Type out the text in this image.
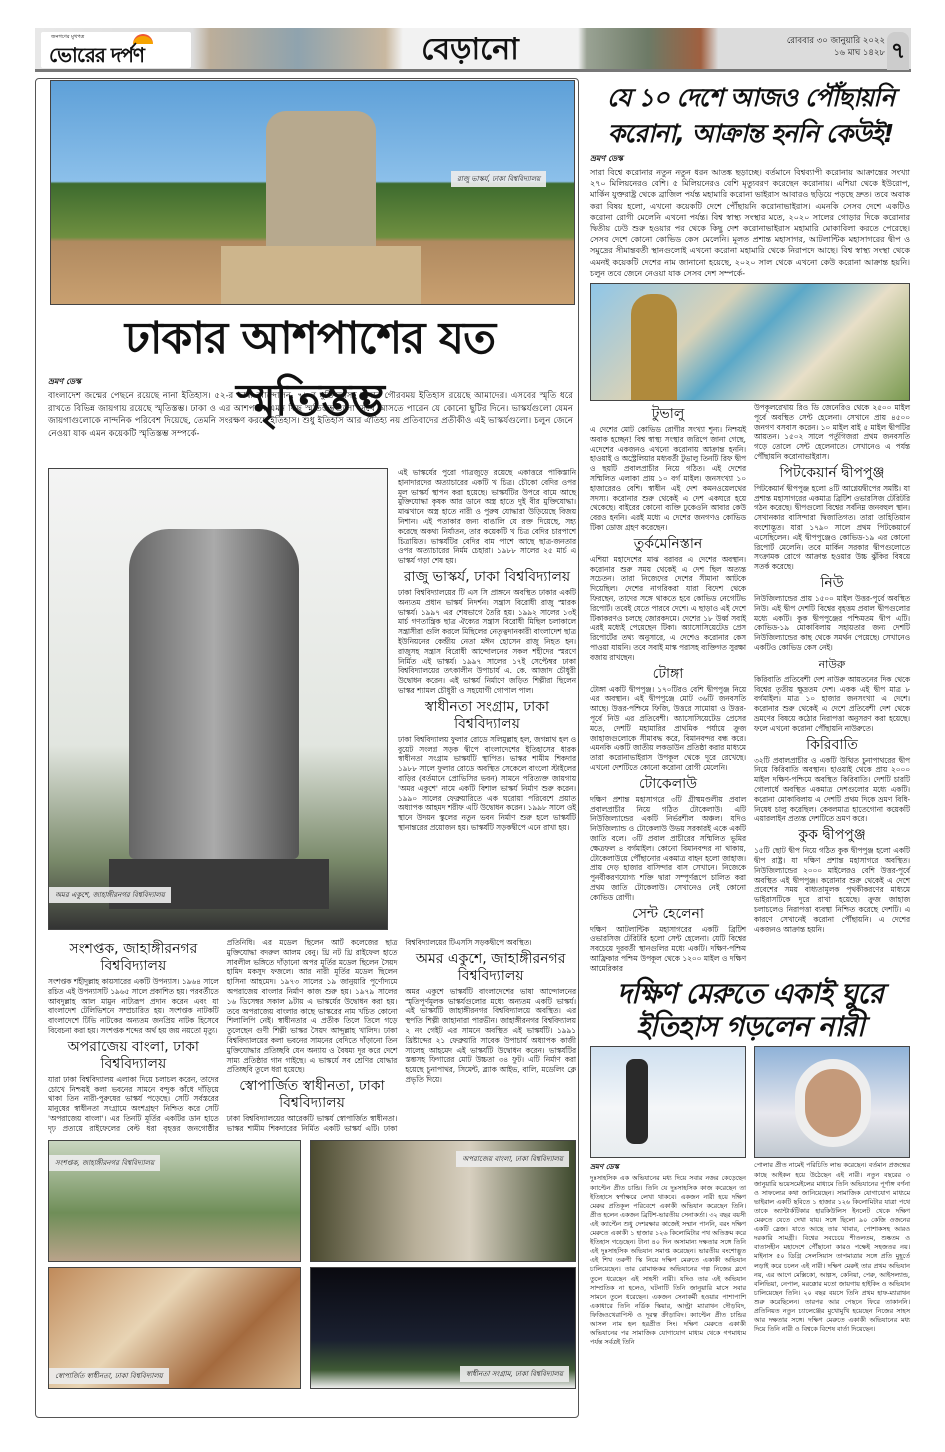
জনগণের মুখপত্র
ভোরের দর্পণ	বেড়ানো	রোববার ৩০ জানুয়ারি ২০২২
১৬ মাঘ ১৪২৮ ৭
রাজু ভাস্কর্য, ঢাকা বিশ্ববিদ্যালয়
ঢাকার আশপাশের যত স্মৃতিস্তম্ভ
ভ্রমণ ডেস্ক
বাংলাদেশ জন্মের পেছনে রয়েছে নানা ইতিহাস। ৫২-র ভাষা আন্দোলন, ৭১-র মুক্তিযুদ্ধসহ নানান গৌরবময় ইতিহাস রয়েছে আমাদের। এসবের স্মৃতি ধরে রাখতে বিভিন্ন জায়গায় রয়েছে স্মৃতিস্তম্ভ। ঢাকা ও এর আশপাশে এমন কিছু স্মৃতিস্তম্ভগুলো দেখে আসতে পারেন যে কোনো ছুটির দিনে। ভাস্কর্যগুলো যেমন জায়গাগুলোকে নান্দনিক পরিবেশ দিয়েছে, তেমনি সংরক্ষণ করছে ইতিহাস। শুধু ইতিহাস আর ঐতিহ্য নয় প্রতিবাদের প্রতীকীও এই ভাস্কর্যগুলো। চলুন জেনে নেওয়া যাক এমন কয়েকটি স্মৃতিস্তম্ভ সম্পর্কে-
অমর একুশে, জাহাঙ্গীরনগর বিশ্ববিদ্যালয়
এই ভাস্কর্যের পুরো গাত্রজুড়ে রয়েছে একাত্তরে পাকিস্তানি হানাদারদের অত্যাচারের একটি খ চিত্র। চৌকো বেদির ওপর মূল ভাস্কর্য স্থাপন করা হয়েছে। ভাস্কর্যটির উপরে বামে আছে মুক্তিযোদ্ধা কৃষক আর ডানে অস্ত্র হাতে দুই বীর মুক্তিযোদ্ধা। মাঝখানে অস্ত্র হাতে নারী ও পুরুষ যোদ্ধারা উড়িয়েছে বিজয় নিশান। এই পতাকার জন্য বাঙালি যে রক্ত দিয়েছে, সহ্য করেছে অকথ্য নির্যাতন, তার কয়েকটি খ চিত্র বেদির চারপাশে চিত্রায়িত। ভাস্কর্যটির বেদির বাম পাশে আছে ছাত্র-জনতার ওপর অত্যাচারের নির্মম চেহারা। ১৯৮৮ সালের ২৫ মার্চ এ ভাস্কর্য গড়া শেষ হয়।
রাজু ভাস্কর্য, ঢাকা বিশ্ববিদ্যালয়
ঢাকা বিশ্ববিদ্যালয়ের টি এস সি প্রাঙ্গনে অবস্থিত ঢাকার একটি অন্যতম প্রধান ভাস্কর্য নিদর্শন। সন্ত্রাস বিরোধী রাজু স্মারক ভাস্কর্য। ১৯৯৭ এর শেষভাগে তৈরি হয়। ১৯৯২ সালের ১৩ই মার্চ গণতান্ত্রিক ছাত্র ঐক্যের সন্ত্রাস বিরোধী মিছিল চলাকালে সন্ত্রাসীরা গুলি করলে মিছিলের নেতৃত্বদানকারী বাংলাদেশ ছাত্র ইউনিয়নের কেন্দ্রীয় নেতা মঈন হোসেন রাজু নিহত হন। রাজুসহ সন্ত্রাস বিরোধী আন্দোলনের সকল শহীদের স্মরণে নির্মিত এই ভাস্কর্য। ১৯৯৭ সালের ১৭ই সেপ্টেম্বর ঢাকা বিশ্ববিদ্যালয়ের তৎকালীন উপাচার্য এ. কে. আজাদ চৌধুরী উদ্বোধন করেন। এই ভাস্কর্য নির্মাণে জড়িত শিল্পীরা ছিলেন ভাস্কর শ্যামল চৌধুরী ও সহযোগী গোপাল পাল।
স্বাধীনতা সংগ্রাম, ঢাকা বিশ্ববিদ্যালয়
ঢাকা বিশ্ববিদ্যালয় ফুলার রোডে সলিমুল্লাহ হল, জগন্নাথ হল ও বুয়েট সংলগ্ন সড়ক দ্বীপে বাংলাদেশের ইতিহাসের ধারক স্বাধীনতা সংগ্রাম ভাস্কর্যটি স্থাপিত। ভাস্কর শামীম শিকদার ১৯৮৮ সালে ফুলার রোডে অবস্থিত সেকেলে বাংলো স্টাইলের বাড়ির (বর্তমানে প্রোভিসির ভবন) সামনে পরিত্যক্ত জায়গায় 'অমর একুশে' নামে একটি বিশাল ভাস্কর্য নির্মাণ শুরু করেন। ১৯৯০ সালের ফেব্রুয়ারিতে এক ঘরোয়া পরিবেশে প্রয়াত অধ্যাপক আহমদ শরীফ এটি উদ্বোধন করেন। ১৯৯৮ সালে ওই স্থানে উদয়ন স্কুলের নতুন ভবন নির্মাণ শুরু হলে ভাস্কর্যটি স্থানান্তরের প্রয়োজন হয়। ভাস্কর্যটি সড়কদ্বীপে এনে রাখা হয়।
সংশপ্তক, জাহাঙ্গীরনগর বিশ্ববিদ্যালয়
সংশপ্তক শহীদুল্লাহ কায়সারের একটি উপন্যাস। ১৯৬৪ সালে রচিত এই উপন্যাসটি ১৯৬৫ সালে প্রকাশিত হয়। পরবর্তীতে আবদুল্লাহ আল মামুন নাট্যরূপ প্রদান করেন এবং যা বাংলাদেশ টেলিভিশনে সম্প্রচারিত হয়। সংশপ্তক নাটকটি বাংলাদেশে টিভি নাটকের অন্যতম জনপ্রিয় নাটক হিসেবে বিবেচনা করা হয়। সংশপ্তক শব্দের অর্থ হয় জয় নয়তো মৃত্যু।
অপরাজেয় বাংলা, ঢাকা বিশ্ববিদ্যালয়
যারা ঢাকা বিশ্ববিদ্যালয় এলাকা দিয়ে চলাচল করেন, তাদের চোখে নিশ্চয়ই কলা ভবনের সামনে বন্দুক কাঁধে দাঁড়িয়ে থাকা তিন নারী-পুরুষের ভাস্কর্য পড়েছে। সেটি সর্বস্তরের মানুষের স্বাধীনতা সংগ্রামে অংশগ্রহণ নিশ্চিত করে সেটি 'অপরাজেয় বাংলা'। এর তিনটি মূর্তির একটির ডান হাতে দৃঢ় প্রত্যয়ে রাইফেলের বেল্ট ধরা বৃহত্তর জনগোষ্ঠীর প্রতিনিধি। এর মডেল ছিলেন আর্ট কলেজের ছাত্র মুক্তিযোদ্ধা বদরুল আলম বেনু। থ্রি নট থ্রি রাইফেল হাতে সাবলীল ভঙ্গিতে দাঁড়ানো অপর মূর্তির মডেল ছিলেন সৈয়দ হামিদ মকসুদ ফজলে। আর নারী মূর্তির মডেল ছিলেন হাসিনা আহমেদ। ১৯৭৩ সালের ১৯ জানুয়ারি পূর্ণোদ্যমে অপরাজেয় বাংলার নির্মাণ কাজ শুরু হয়। ১৯৭৯ সালের ১৬ ডিসেম্বর সকাল ৯টায় এ ভাস্কর্যের উদ্বোধন করা হয়। তবে অপরাজেয় বাংলার কাছে ভাস্করের নাম খচিত কোনো শিলালিপি নেই। স্বাধীনতার এ প্রতীক তিলে তিলে গড়ে তুলেছেন গুণী শিল্পী ভাস্কর সৈয়দ আব্দুল্লাহ খালিদ। ঢাকা বিশ্ববিদ্যালয়ের কলা ভবনের সামনের বেদিতে দাঁড়ানো তিন মুক্তিযোদ্ধার প্রতিচ্ছবি যেন অন্যায় ও বৈষম্য দূর করে দেশে সাম্য প্রতিষ্ঠার গান গাইছে। এ ভাস্কর্যে সব শ্রেণির যোদ্ধার প্রতিচ্ছবি তুলে ধরা হয়েছে।
স্বোপার্জিত স্বাধীনতা, ঢাকা বিশ্ববিদ্যালয়
ঢাকা বিশ্ববিদ্যালয়ের আরেকটি ভাস্কর্য স্বোপার্জিত স্বাধীনতা। ভাস্কর শামীম শিকদারের নির্মিত একটি ভাস্কর্য এটি। ঢাকা বিশ্ববিদ্যালয়ের টিএসসি সড়কদ্বীপে অবস্থিত।
অমর একুশে, জাহাঙ্গীরনগর বিশ্ববিদ্যালয়
অমর একুশে ভাস্কর্যটি বাংলাদেশের ভাষা আন্দোলনের স্মৃতিপূর্ণমূলক ভাস্কর্যগুলোর মধ্যে অন্যতম একটি ভাস্কর্য। এই ভাস্কর্যটি জাহাঙ্গীরনগর বিশ্ববিদ্যালয়ে অবস্থিত। এর স্থপতি শিল্পী জাহানারা পারভীন। জাহাঙ্গীরনগর বিশ্ববিদ্যালয় ২ নং গেইট এর সামনে অবস্থিত এই ভাস্কর্যটি। ১৯৯১ খ্রিষ্টাব্দের ২১ ফেব্রুয়ারি সাবেক উপাচার্য অধ্যাপক কাজী সালেহ আহমেদ এই ভাস্কর্যটি উদ্বোধন করেন। ভাস্কর্যটির স্তম্ভসহ ফিগারের মোট উচ্চতা ৩৪ ফুট। এটি নির্মাণ করা হয়েছে চুনাপাথর, সিমেন্ট, ব্ল্যাক আইভ, বালি, মডেলিং ক্লে প্রভৃতি দিয়ে।
সংশপ্তক, জাহাঙ্গীরনগর বিশ্ববিদ্যালয়	অপরাজেয় বাংলা, ঢাকা বিশ্ববিদ্যালয়
স্বোপার্জিত স্বাধীনতা, ঢাকা বিশ্ববিদ্যালয়	স্বাধীনতা সংগ্রাম, ঢাকা বিশ্ববিদ্যালয়
যে ১০ দেশে আজও পৌঁছায়নি
করোনা, আক্রান্ত হননি কেউই!
ভ্রমণ ডেস্ক
সারা বিশ্বে করোনার নতুন নতুন ধরন আতঙ্ক ছড়াচ্ছে। বর্তমানে বিশ্বব্যাপী করোনায় আক্রান্তের সংখ্যা ২৭০ মিলিয়নেরও বেশি। ৫ মিলিয়নেরও বেশি মৃত্যুবরণ করেছেন করোনায়। এশিয়া থেকে ইউরোপ, মার্কিন যুক্তরাষ্ট্র থেকে ব্রাজিল পর্যন্ত মহামারি করোনা ভাইরাস আবারও ছড়িয়ে পড়ছে দ্রুত। তবে অবাক করা বিষয় হলো, এখনো কয়েকটি দেশে পৌঁছায়নি করোনাভাইরাস। এমনকি সেসব দেশে একটিও করোনা রোগী মেলেনি এখনো পর্যন্ত। বিশ্ব স্বাস্থ্য সংস্থার মতে, ২০২০ সালের গোড়ার দিকে করোনার দ্বিতীয় ঢেউ শুরু হওয়ার পর থেকে কিছু দেশ করোনাভাইরাস মহামারি মোকাবিলা করতে পেরেছে। সেসব দেশে কোনো কোভিড কেস মেলেনি। মূলত প্রশান্ত মহাসাগর, আটলান্টিক মহাসাগরের দ্বীপ ও সমুদ্রের সীমান্তবর্তী স্থানগুলোই এখনো করোনা মহামারি থেকে নিরাপদে আছে। বিশ্ব স্বাস্থ্য সংস্থা থেকে এমনই কয়েকটি দেশের নাম জানানো হয়েছে, ২০২০ সাল থেকে এখনো কেউ করোনা আক্রান্ত হয়নি। চলুন তবে জেনে নেওয়া যাক সেসব দেশ সম্পর্কে-
টুভালু
এ দেশের মোট কোভিড রোগীর সংখ্যা শূন্য। নিশ্চয়ই অবাক হচ্ছেন! বিশ্ব স্বাস্থ্য সংস্থার জরিপে জানা গেছে, এদেশের একজনও এখনো করোনায় আক্রান্ত হননি। হাওয়াই ও অস্ট্রেলিয়ার মধ্যবর্তী টুভালু তিনটি রিফ দ্বীপ ও ছয়টি প্রবালপ্রাচীর নিয়ে গঠিত। এই দেশের সম্মিলিত এলাকা প্রায় ১০ বর্গ মাইল। জনসংখ্যা ১০ হাজারেরও বেশি। স্বাধীন এই দেশ কমনওয়েলথের সদস্য। করোনার শুরু থেকেই এ দেশ একঘরে হয়ে থেকেছে। বাইরের কোনো ব্যক্তি ঢুকেওনি আবার কেউ বেরও হননি। এরই মধ্যে এ দেশের জনগণও কোভিড টিকা ডোজ গ্রহণ করেছেন।
তুর্কমেনিস্তান
এশিয়া মহাদেশের মাঝ বরাবর এ দেশের অবস্থান। করোনার শুরু সময় থেকেই এ দেশ ছিল অত্যন্ত সচেতন। তারা নিজেদের দেশের সীমানা আটকে দিয়েছিল। দেশের নাগরিকরা যারা বিদেশ থেকে ফিরছেন, তাদের সঙ্গে থাকতে হবে কোভিড নেগেটিভ রিপোর্ট। তবেই যেতে পারবে দেশে। এ ছাড়াও এই দেশে টিকাকরণও চলছে জোরকদমে। দেশের ১৮ উর্ধ্ব সবাই এরই মধ্যেই পেয়েছেন টিকা। অ্যাসোসিয়েটেড প্রেস রিপোর্টের তথ্য অনুসারে, এ দেশেও করোনার কেস পাওয়া যায়নি। তবে সবাই মাস্ক পরাসহ ব্যক্তিগত সুরক্ষা বজায় রাখছেন।
টোঙ্গা
টোঙ্গা একটি দ্বীপপুঞ্জ। ১৭০টিরও বেশি দ্বীপপুঞ্জ নিয়ে এর অবস্থান। এই দ্বীপপুঞ্জে মোট ৩৬টি জনবসতি আছে। উত্তর-পশ্চিমে ফিজি, উত্তরে সামোয়া ও উত্তর-পূর্বে নিউ এর প্রতিবেশী। অ্যাসোসিয়েটেড প্রেসের মতে, দেশটি মহামারির প্রাথমিক পর্যায়ে ক্রুজ জাহাজগুলোকে সীমাবদ্ধ করে, বিমানবন্দর বন্ধ করে। এমনকি একটি জাতীয় লকডাউন প্রতিষ্ঠা করার মাধ্যমে তারা করোনাভাইরাস উপকূল থেকে দূরে রেখেছে। এখনো দেশটিতে কোনো করোনা রোগী মেলেনি।
টোকেলাউ
দক্ষিণ প্রশান্ত মহাসাগরে ৩টি গ্রীষ্মমণ্ডলীয় প্রবাল প্রবালপ্রাচীর নিয়ে গঠিত টোকেলাউ। এটি নিউজিল্যান্ডের একটি নির্ভরশীল অঞ্চল। যদিও নিউজিল্যান্ড ও টোকেলাউ উভয় সরকারই একে একটি জাতি বলে। ৩টি প্রবাল প্রাচীরের সম্মিলিত ভূমির ক্ষেত্রফল ৪ বর্গমাইল। কোনো বিমানবন্দর না থাকায়, টোকেলাউয়ে পৌঁছানোর একমাত্র বাহন হলো জাহাজ। প্রায় দেড় হাজার বাসিন্দার বাস সেখানে। নিজেকে পুনর্বীকরণযোগ্য শক্তি দ্বারা সম্পূর্ণরূপে চালিত করা প্রথম জাতি টোকেলাউ। সেখানেও নেই কোনো কোভিড রোগী।
সেন্ট হেলেনা
দক্ষিণ আটলান্টিক মহাসাগরের একটি ব্রিটিশ ওভারসিজ টেরিটরি হলো সেন্ট হেলেনা। যেটি বিশ্বের সবচেয়ে দূরবর্তী স্থানগুলির মধ্যে একটি। দক্ষিণ-পশ্চিম আফ্রিকার পশ্চিম উপকূল থেকে ১২০০ মাইল ও দক্ষিণ আমেরিকার
উপকূলরেখায় রিও ডি জেনেরিও থেকে ২৫০০ মাইল পূর্বে অবস্থিত সেন্ট হেলেনা। সেখানে প্রায় ৪৫০০ জনগণ বসবাস করেন। ১০ মাইল বাই ৫ মাইল দ্বীপটির আয়তন। ১৫০২ সালে পর্তুগিজরা প্রথম জনবসতি গড়ে তোলে সেন্ট হেলেনাতে। সেখানেও এ পর্যন্ত পৌঁছায়নি করোনাভাইরাস।
পিটকেয়ার্ন দ্বীপপুঞ্জ
পিটকেয়ার্ন দ্বীপপুঞ্জ হলো ৪টি আগ্নেয়দ্বীপের সমষ্টি। যা প্রশান্ত মহাসাগরের একমাত্র ব্রিটিশ ওভারসিজ টেরিটরি গঠন করেছে। দ্বীপগুলো বিশ্বের সর্বনিম্ন জনবহুল স্থান। সেখানকার বাসিন্দারা দ্বিজাতিগত। তারা তাহিতিয়ান বংশোদ্ভূত। যারা ১৭৯০ সালে প্রথম পিটকেয়ার্নে এসেছিলেন। এই দ্বীপপুঞ্জেও কোভিড-১৯ এর কোনো রিপোর্ট মেলেনি। তবে মার্কিন সরকার দ্বীপগুলোতে সংক্রামক রোগে আক্রান্ত হওয়ার উচ্চ ঝুঁকির বিষয়ে সতর্ক করেছে।
নিউ
নিউজিল্যান্ডের প্রায় ১৫০০ মাইল উত্তর-পূর্বে অবস্থিত নিউ। এই দ্বীপ দেশটি বিশ্বের বৃহত্তম প্রবাল দ্বীপগুলোর মধ্যে একটি। কুক দ্বীপপুঞ্জের পশ্চিমতম দ্বীপ এটি। কোভিড-১৯ মোকাবিলায় সহায়তার জন্য দেশটি নিউজিল্যান্ডের কাছ থেকে সমর্থন পেয়েছে। সেখানেও একটিও কোভিড কেস নেই।
নাউরু
কিরিবাতি প্রতিবেশী দেশ নাউরু আয়তনের দিক থেকে বিশ্বের তৃতীয় ক্ষুদ্রতম দেশ। একক এই দ্বীপ মাত্র ৮ বর্গমাইল। মাত্র ১০ হাজার জনসংখ্যা এ দেশে। করোনার শুরু থেকেই এ দেশে প্রতিবেশী দেশ থেকে ভ্রমণের বিষয়ে কঠোর নিরাপত্তা অনুসরণ করা হয়েছে। ফলে এখনো করোনা পৌঁছায়নি নাউরুতে।
কিরিবাতি
৩২টি প্রবালপ্রাচীর ও একটি উত্থিত চুনাপাথরের দ্বীপ নিয়ে কিরিবাতি অবস্থান। হাওয়াই থেকে প্রায় ২০০০ মাইল দক্ষিণ-পশ্চিমে অবস্থিত কিরিবাতি। দেশটি চারটি গোলার্ধে অবস্থিত একমাত্র দেশগুলোর মধ্যে একটি। করোনা মোকাবিলায় এ দেশটি প্রথম দিকে ভ্রমণ বিধি-নিষেধ চালু করেছিল। কেবলমাত্র হাতেগোনা কয়েকটি এয়ারলাইন প্রত্যন্ত দেশটিতে ভ্রমণ করে।
কুক দ্বীপপুঞ্জ
১৫টি ছোট দ্বীপ নিয়ে গঠিত কুক দ্বীপপুঞ্জ হলো একটি দ্বীপ রাষ্ট্র। যা দক্ষিণ প্রশান্ত মহাসাগরে অবস্থিত। নিউজিল্যান্ডের ২০০০ মাইলেরও বেশি উত্তর-পূর্বে অবস্থিত এই দ্বীপপুঞ্জ। করোনার শুরু থেকেই এ দেশে প্রবেশের সময় বাধ্যতামূলক পৃথকীকরণের মাধ্যমে ভাইরাসটিকে দূরে রাখা হয়েছে। ক্রুজ জাহাজ চলাচলেও নিরাপত্তা ব্যবস্থা নিশ্চিত করেছে দেশটি। এ কারণে সেখানেই করোনা পৌঁছায়নি। এ দেশের একজনও আক্রান্ত হয়নি।
দক্ষিণ মেরুতে একাই ঘুরে
ইতিহাস গড়লেন নারী
ভ্রমণ ডেস্ক
দুঃসাহসিক এক অভিযানের মধ্য দিয়ে সবার নজর কেড়েছেন ক্যাপ্টেন প্রীত চান্ডি। তিনি যে দুঃসাহসিক কাজ করেছেন তা ইতিহাসে স্বর্ণাক্ষরে লেখা থাকবে। একজন নারী হয়ে দক্ষিণ মেরুর প্রতিকূল পরিবেশে একাকী অভিযান করেছেন তিনি। প্রীত হলেন একজন ব্রিটিশ-ভারতীয় সেনাকর্তা। ৩২ বছর বয়সী এই ক্যাপ্টেন শুধু দেশরক্ষার কাজেই সম্মান পাননি, বরং দক্ষিণ মেরুতে একাকী ১ হাজার ১২৬ কিলোমিটার পথ অতিক্রম করে ইতিহাস গড়েছেন। টানা ৪০ দিন অসামান্য দক্ষতার সঙ্গে তিনি এই দুঃসাহসিক অভিযান সমাপ্ত করেছেন। ভারতীয় বংশোদ্ভূত এই শিখ তরুণী স্কি নিয়ে দক্ষিণ মেরুতে একাকী অভিযান চালিয়েছেন। তার রোমাঞ্চকর অভিযানের গল্প নিজের ব্লগে তুলে ধরেছেন এই সাহসী নারী। যদিও তার এই অভিযান সাম্প্রতিক না হলেও, ঘটনাটি তিনি জানুয়ারি মাসে সবার সামনে তুলে ধরেছেন। একজন সেনাকর্মী হওয়ার পাশাপাশি একাধারে তিনি নর্ডিক স্কিয়ার, আল্ট্রা ম্যারাথন দৌড়বিদ, ফিজিওথেরাপিস্ট ও দূরত্ব ক্রীড়াবিদ। ক্যাপ্টেন প্রীত চান্ডির আসল নাম হল হরপ্রীত সিং। দক্ষিণ মেরুতে একাকী অভিযানের পর সামাজিক যোগাযোগ মাধ্যম থেকে গণমাধ্যম পর্যন্ত সর্বত্রই তিনি
পোলার প্রীত নামেই পরিচিতি লাভ করেছেন। বর্তমান প্রজন্মের কাছে আইকন হয়ে উঠেছেন এই নারী। নতুন বছরের ৩ জানুয়ারি ভয়েসমেইলের মাধ্যমে তিনি অভিযানের পূর্ণাঙ্গ বর্ণনা ও সাফল্যের কথা জানিয়েছেন। সামাজিক যোগাযোগ মাধ্যমে ভাইরাল একটি ছবিতে ১ হাজার ১২৬ কিলোমিটার যাত্রা পথে তাকে অ্যান্টার্কটিকার হারকিউলিস ইনলেট থেকে দক্ষিণ মেরুতে যেতে দেখা যায়। সঙ্গে ছিলো ৯০ কেজি ওজনের একটি স্লেজ। যাতে আছে তার খাবার, পোশাকসহ আরও দরকারি সামগ্রী। বিশ্বের সবচেয়ে শীতলতম, শুষ্কতম ও বাতাসহীন মহাদেশে পৌঁছানো কারও পক্ষেই সহজতর নয়। মাইনাস ৫০ ডিগ্রি সেলসিয়াস তাপমাত্রার সঙ্গে প্রতি মুহূর্তে লড়াই করে চলেন এই নারী। দক্ষিণ মেরুই তার প্রথম অভিযান নয়, এর আগে মেক্সিকো, আল্পস, কেনিয়া, পেরু, আইসল্যান্ড, বলিভিয়া, নেপাল, মরক্কোর মতো জায়গায় হাইকিং ও অভিযান চালিয়েছেন তিনি। ২০ বছর বয়সে তিনি প্রথম হাফ-ম্যারাথন শুরু করেছিলেন। তারপর আর পেছনে ফিরে তাকাননি। প্রতিনিয়ত নতুন চ্যালেঞ্জের মুখোমুখি হয়েছেন নিজের সাহস আর দক্ষতার সঙ্গে। দক্ষিণ মেরুতে একাকী অভিযানের মধ্য দিয়ে তিনি নারী ও বিশ্বকে বিশেষ বার্তা দিয়েছেন।
